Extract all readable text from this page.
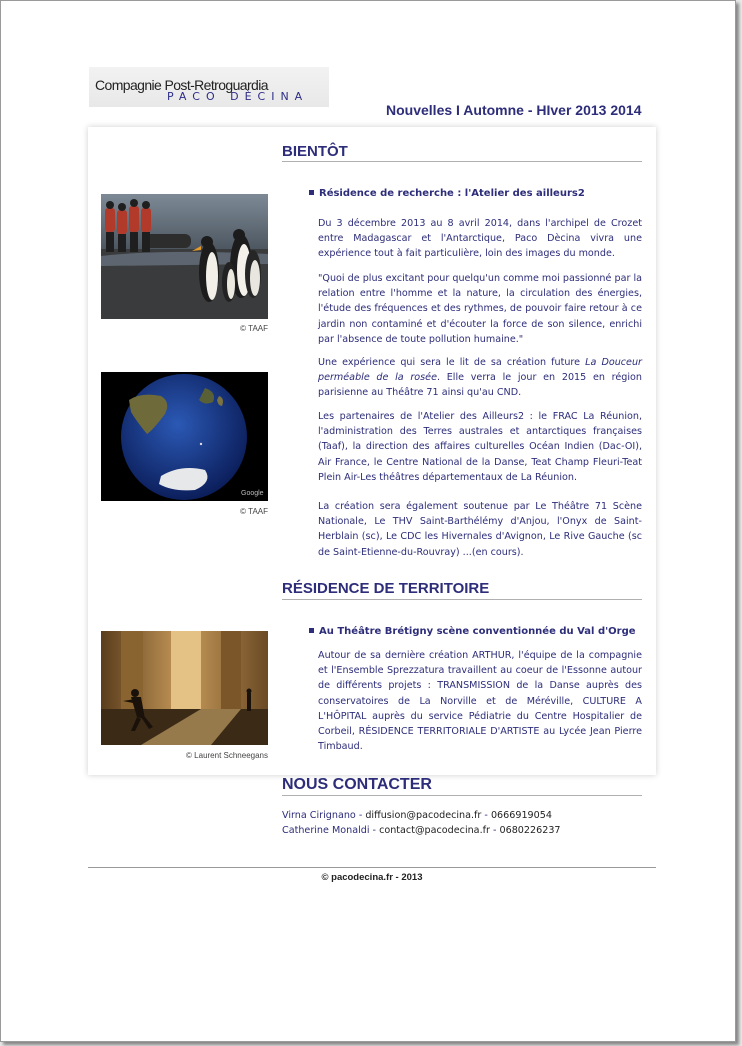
Compagnie Post-Retroguardia
PACO DÈCINA
Nouvelles I Automne - HIver 2013 2014
BIENTÔT
© TAAF
Google
© TAAF
Résidence de recherche : l'Atelier des ailleurs2

Du 3 décembre 2013 au 8 avril 2014, dans l'archipel de Crozet entre Madagascar et l'Antarctique, Paco Dècina vivra une expérience tout à fait particulière, loin des images du monde.

"Quoi de plus excitant pour quelqu'un comme moi passionné par la relation entre l'homme et la nature, la circulation des énergies, l'étude des fréquences et des rythmes, de pouvoir faire retour à ce jardin non contaminé et d'écouter la force de son silence, enrichi par l'absence de toute pollution humaine."

Une expérience qui sera le lit de sa création future La Douceur perméable de la rosée. Elle verra le jour en 2015 en région parisienne au Théâtre 71 ainsi qu'au CND.

Les partenaires de l'Atelier des Ailleurs2 : le FRAC La Réunion, l'administration des Terres australes et antarctiques françaises (Taaf), la direction des affaires culturelles Océan Indien (Dac-OI), Air France, le Centre National de la Danse, Teat Champ Fleuri-Teat Plein Air-Les théâtres départementaux de La Réunion.

La création sera également soutenue par Le Théâtre 71 Scène Nationale, Le THV Saint-Barthélémy d'Anjou, l'Onyx de Saint-Herblain (sc), Le CDC les Hivernales d'Avignon, Le Rive Gauche (sc de Saint-Etienne-du-Rouvray) ...(en cours).

RÉSIDENCE DE TERRITOIRE
© Laurent Schneegans
Au Théâtre Brétigny scène conventionnée du Val d'Orge

Autour de sa dernière création ARTHUR, l'équipe de la compagnie et l'Ensemble Sprezzatura travaillent au coeur de l'Essonne autour de différents projets : TRANSMISSION de la Danse auprès des conservatoires de La Norville et de Méréville, CULTURE A L'HÔPITAL auprès du service Pédiatrie du Centre Hospitalier de Corbeil, RÉSIDENCE TERRITORIALE D'ARTISTE au Lycée Jean Pierre Timbaud.

NOUS CONTACTER
Virna Cirignano - diffusion@pacodecina.fr - 0666919054
Catherine Monaldi - contact@pacodecina.fr - 0680226237
© pacodecina.fr - 2013
